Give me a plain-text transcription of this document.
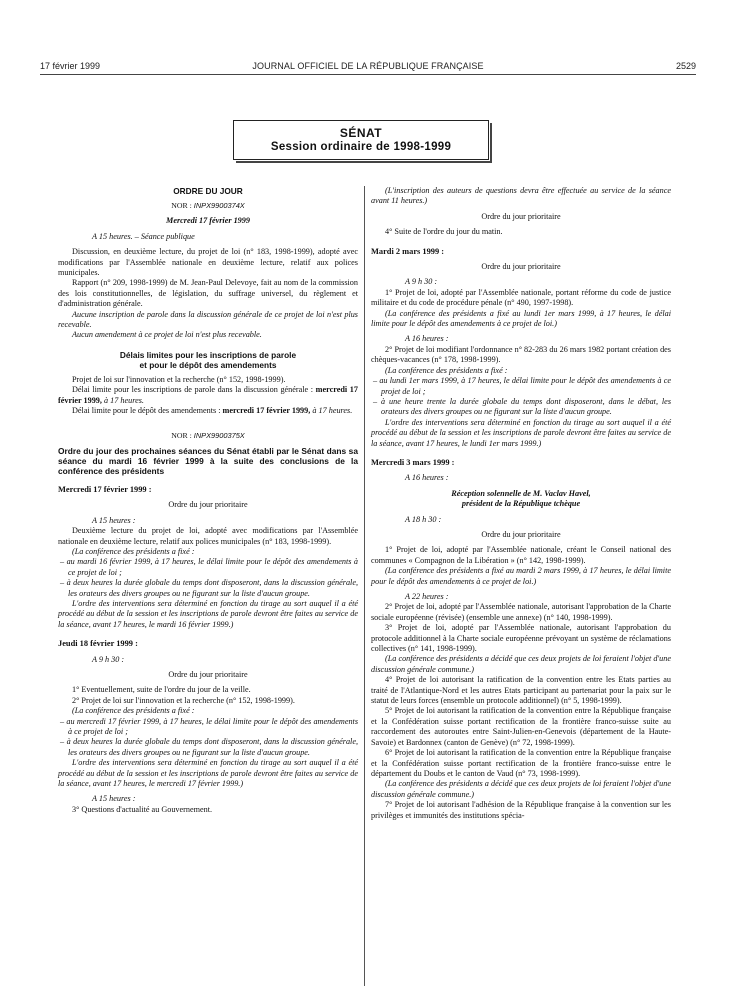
17 février 1999	JOURNAL OFFICIEL DE LA RÉPUBLIQUE FRANÇAISE	2529
SÉNAT
Session ordinaire de 1998-1999

ORDRE DU JOUR

NOR : INPX9900374X

Mercredi 17 février 1999

A 15 heures. – Séance publique

Discussion, en deuxième lecture, du projet de loi (n° 183, 1998-1999), adopté avec modifications par l'Assemblée nationale en deuxième lecture, relatif aux polices municipales.

Rapport (n° 209, 1998-1999) de M. Jean-Paul Delevoye, fait au nom de la commission des lois constitutionnelles, de législation, du suffrage universel, du règlement et d'administration générale.

Aucune inscription de parole dans la discussion générale de ce projet de loi n'est plus recevable.

Aucun amendement à ce projet de loi n'est plus recevable.

Délais limites pour les inscriptions de parole

et pour le dépôt des amendements

Projet de loi sur l'innovation et la recherche (n° 152, 1998-1999).

Délai limite pour les inscriptions de parole dans la discussion générale : mercredi 17 février 1999, à 17 heures.

Délai limite pour le dépôt des amendements : mercredi 17 février 1999, à 17 heures.

NOR : INPX9900375X

Ordre du jour des prochaines séances du Sénat établi par le Sénat dans sa séance du mardi 16 février 1999 à la suite des conclusions de la conférence des présidents

Mercredi 17 février 1999 :

Ordre du jour prioritaire

A 15 heures :

Deuxième lecture du projet de loi, adopté avec modifications par l'Assemblée nationale en deuxième lecture, relatif aux polices municipales (n° 183, 1998-1999).

(La conférence des présidents a fixé :

– au mardi 16 février 1999, à 17 heures, le délai limite pour le dépôt des amendements à ce projet de loi ;

– à deux heures la durée globale du temps dont disposeront, dans la discussion générale, les orateurs des divers groupes ou ne figurant sur la liste d'aucun groupe.

L'ordre des interventions sera déterminé en fonction du tirage au sort auquel il a été procédé au début de la session et les inscriptions de parole devront être faites au service de la séance, avant 17 heures, le mardi 16 février 1999.)

Jeudi 18 février 1999 :

A 9 h 30 :

Ordre du jour prioritaire

1° Eventuellement, suite de l'ordre du jour de la veille.

2° Projet de loi sur l'innovation et la recherche (n° 152, 1998-1999).

(La conférence des présidents a fixé :

– au mercredi 17 février 1999, à 17 heures, le délai limite pour le dépôt des amendements à ce projet de loi ;

– à deux heures la durée globale du temps dont disposeront, dans la discussion générale, les orateurs des divers groupes ou ne figurant sur la liste d'aucun groupe.

L'ordre des interventions sera déterminé en fonction du tirage au sort auquel il a été procédé au début de la session et les inscriptions de parole devront être faites au service de la séance, avant 17 heures, le mercredi 17 février 1999.)

A 15 heures :

3° Questions d'actualité au Gouvernement.

(L'inscription des auteurs de questions devra être effectuée au service de la séance avant 11 heures.)

Ordre du jour prioritaire

4° Suite de l'ordre du jour du matin.

Mardi 2 mars 1999 :

Ordre du jour prioritaire

A 9 h 30 :

1° Projet de loi, adopté par l'Assemblée nationale, portant réforme du code de justice militaire et du code de procédure pénale (n° 490, 1997-1998).

(La conférence des présidents a fixé au lundi 1er mars 1999, à 17 heures, le délai limite pour le dépôt des amendements à ce projet de loi.)

A 16 heures :

2° Projet de loi modifiant l'ordonnance n° 82-283 du 26 mars 1982 portant création des chèques-vacances (n° 178, 1998-1999).

(La conférence des présidents a fixé :

– au lundi 1er mars 1999, à 17 heures, le délai limite pour le dépôt des amendements à ce projet de loi ;

– à une heure trente la durée globale du temps dont disposeront, dans le débat, les orateurs des divers groupes ou ne figurant sur la liste d'aucun groupe.

L'ordre des interventions sera déterminé en fonction du tirage au sort auquel il a été procédé au début de la session et les inscriptions de parole devront être faites au service de la séance, avant 17 heures, le lundi 1er mars 1999.)

Mercredi 3 mars 1999 :

A 16 heures :

Réception solennelle de M. Vaclav Havel,

président de la République tchèque

A 18 h 30 :

Ordre du jour prioritaire

1° Projet de loi, adopté par l'Assemblée nationale, créant le Conseil national des communes « Compagnon de la Libération » (n° 142, 1998-1999).

(La conférence des présidents a fixé au mardi 2 mars 1999, à 17 heures, le délai limite pour le dépôt des amendements à ce projet de loi.)

A 22 heures :

2° Projet de loi, adopté par l'Assemblée nationale, autorisant l'approbation de la Charte sociale européenne (révisée) (ensemble une annexe) (n° 140, 1998-1999).

3° Projet de loi, adopté par l'Assemblée nationale, autorisant l'approbation du protocole additionnel à la Charte sociale européenne prévoyant un système de réclamations collectives (n° 141, 1998-1999).

(La conférence des présidents a décidé que ces deux projets de loi feraient l'objet d'une discussion générale commune.)

4° Projet de loi autorisant la ratification de la convention entre les Etats parties au traité de l'Atlantique-Nord et les autres Etats participant au partenariat pour la paix sur le statut de leurs forces (ensemble un protocole additionnel) (n° 5, 1998-1999).

5° Projet de loi autorisant la ratification de la convention entre la République française et la Confédération suisse portant rectification de la frontière franco-suisse suite au raccordement des autoroutes entre Saint-Julien-en-Genevois (département de la Haute-Savoie) et Bardonnex (canton de Genève) (n° 72, 1998-1999).

6° Projet de loi autorisant la ratification de la convention entre la République française et la Confédération suisse portant rectification de la frontière franco-suisse entre le département du Doubs et le canton de Vaud (n° 73, 1998-1999).

(La conférence des présidents a décidé que ces deux projets de loi feraient l'objet d'une discussion générale commune.)

7° Projet de loi autorisant l'adhésion de la République française à la convention sur les privilèges et immunités des institutions spécia-
